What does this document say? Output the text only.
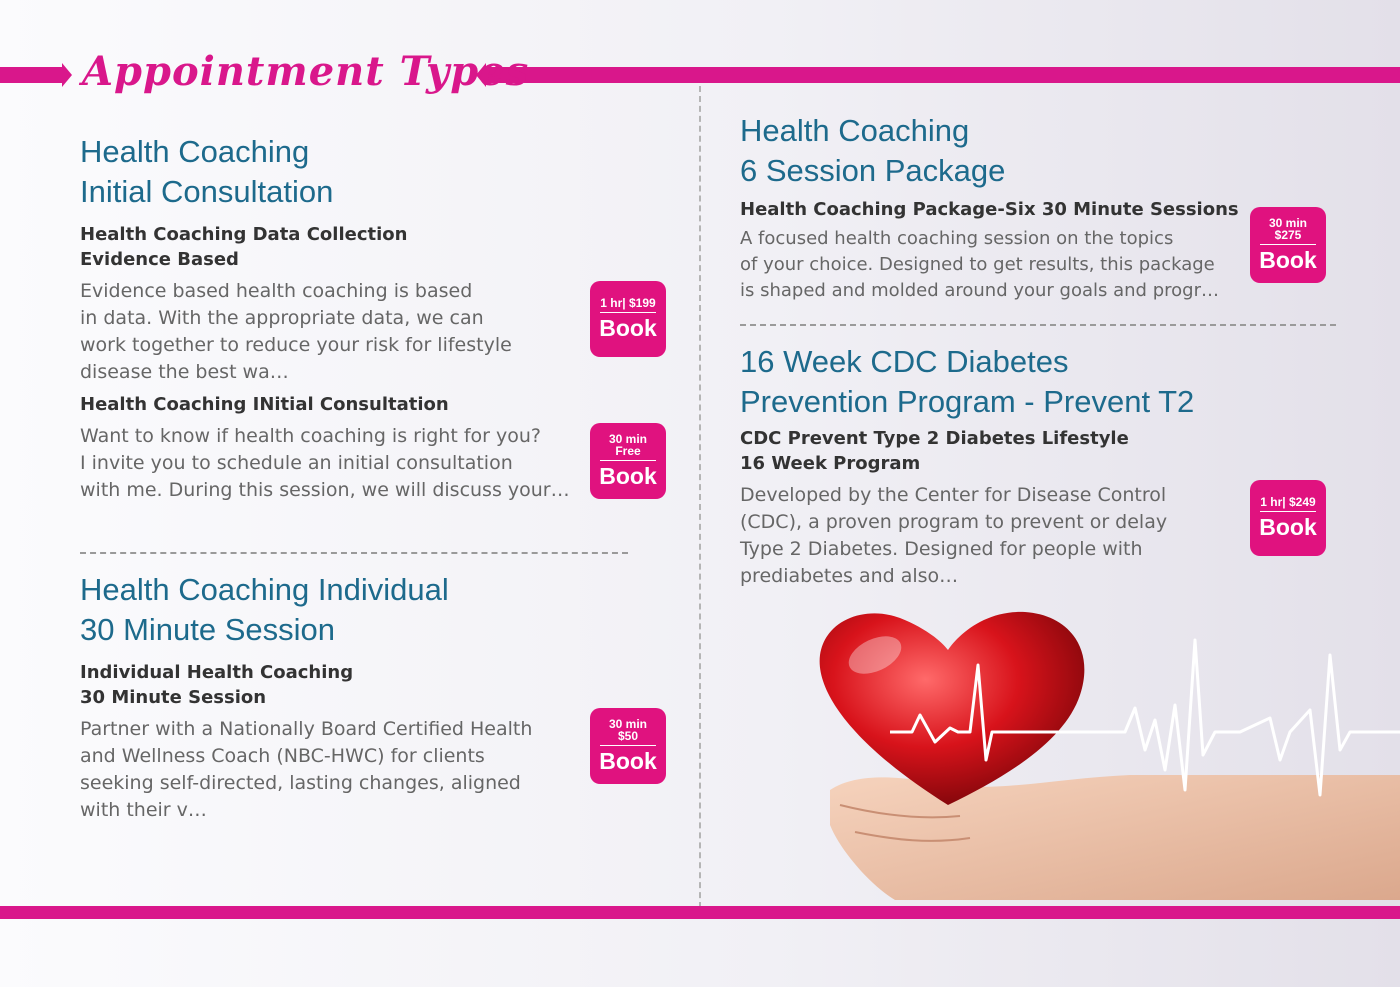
Appointment Types
Health Coaching
Initial Consultation
Health Coaching Data Collection
Evidence Based
Evidence based health coaching is based
in data. With the appropriate data, we can
work together to reduce your risk for lifestyle
disease the best wa…
1 hr| $199
Book
Health Coaching INitial Consultation
Want to know if health coaching is right for you?
I invite you to schedule an initial consultation
with me. During this session, we will discuss your…
30 min
Free
Book
Health Coaching Individual
30 Minute Session
Individual Health Coaching
30 Minute Session
Partner with a Nationally Board Certified Health
and Wellness Coach (NBC-HWC) for clients
seeking self-directed, lasting changes, aligned
with their v…
30 min
$50
Book
Health Coaching
6 Session Package
Health Coaching Package-Six 30 Minute Sessions
A focused health coaching session on the topics
of your choice. Designed to get results, this package
is shaped and molded around your goals and progr…
30 min
$275
Book
16 Week CDC Diabetes
Prevention Program - Prevent T2
CDC Prevent Type 2 Diabetes Lifestyle
16 Week Program
Developed by the Center for Disease Control
(CDC), a proven program to prevent or delay
Type 2 Diabetes. Designed for people with
prediabetes and also…
1 hr| $249
Book
